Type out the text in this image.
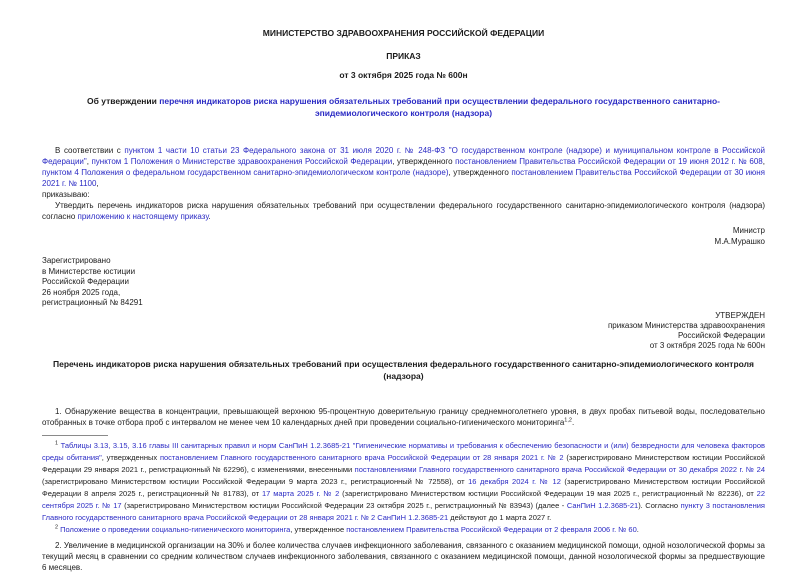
МИНИСТЕРСТВО ЗДРАВООХРАНЕНИЯ РОССИЙСКОЙ ФЕДЕРАЦИИ
ПРИКАЗ
от 3 октября 2025 года № 600н
Об утверждении перечня индикаторов риска нарушения обязательных требований при осуществлении федерального государственного санитарно-эпидемиологического контроля (надзора)

В соответствии с пунктом 1 части 10 статьи 23 Федерального закона от 31 июля 2020 г. № 248-ФЗ "О государственном контроле (надзоре) и муниципальном контроле в Российской Федерации", пунктом 1 Положения о Министерстве здравоохранения Российской Федерации, утвержденного постановлением Правительства Российской Федерации от 19 июня 2012 г. № 608, пунктом 4 Положения о федеральном государственном санитарно-эпидемиологическом контроле (надзоре), утвержденного постановлением Правительства Российской Федерации от 30 июня 2021 г. № 1100,
приказываю:

Утвердить перечень индикаторов риска нарушения обязательных требований при осуществлении федерального государственного санитарно-эпидемиологического контроля (надзора) согласно приложению к настоящему приказу.

Министр
М.А.Мурашко
Зарегистрировано
в Министерстве юстиции
Российской Федерации
26 ноября 2025 года,
регистрационный № 84291
УТВЕРЖДЕН
приказом Министерства здравоохранения
Российской Федерации
от 3 октября 2025 года № 600н
Перечень индикаторов риска нарушения обязательных требований при осуществления федерального государственного санитарно-эпидемиологического контроля (надзора)

1. Обнаружение вещества в концентрации, превышающей верхнюю 95-процентную доверительную границу среднемноголетнего уровня, в двух пробах питьевой воды, последовательно отобранных в точке отбора проб с интервалом не менее чем 10 календарных дней при проведении социально-гигиенического мониторинга$^{1,2}$.

$^1$ Таблицы 3.13, 3.15, 3.16 главы III санитарных правил и норм СанПиН 1.2.3685-21 "Гигиенические нормативы и требования к обеспечению безопасности и (или) безвредности для человека факторов среды обитания", утвержденных постановлением Главного государственного санитарного врача Российской Федерации от 28 января 2021 г. № 2 (зарегистрировано Министерством юстиции Российской Федерации 29 января 2021 г., регистрационный № 62296), с изменениями, внесенными постановлениями Главного государственного санитарного врача Российской Федерации от 30 декабря 2022 г. № 24 (зарегистрировано Министерством юстиции Российской Федерации 9 марта 2023 г., регистрационный № 72558), от 16 декабря 2024 г. № 12 (зарегистрировано Министерством юстиции Российской Федерации 8 апреля 2025 г., регистрационный № 81783), от 17 марта 2025 г. № 2 (зарегистрировано Министерством юстиции Российской Федерации 19 мая 2025 г., регистрационный № 82236), от 22 сентября 2025 г. № 17 (зарегистрировано Министерством юстиции Российской Федерации 23 октября 2025 г., регистрационный № 83943) (далее - СанПиН 1.2.3685-21). Согласно пункту 3 постановления Главного государственного санитарного врача Российской Федерации от 28 января 2021 г. № 2 СанПиН 1.2.3685-21 действуют до 1 марта 2027 г.

$^2$ Положение о проведении социально-гигиенического мониторинга, утвержденное постановлением Правительства Российской Федерации от 2 февраля 2006 г. № 60.

2. Увеличение в медицинской организации на 30% и более количества случаев инфекционного заболевания, связанного с оказанием медицинской помощи, одной нозологической формы за текущий месяц в сравнении со средним количеством случаев инфекционного заболевания, связанного с оказанием медицинской помощи, данной нозологической формы за предшествующие 6 месяцев.
